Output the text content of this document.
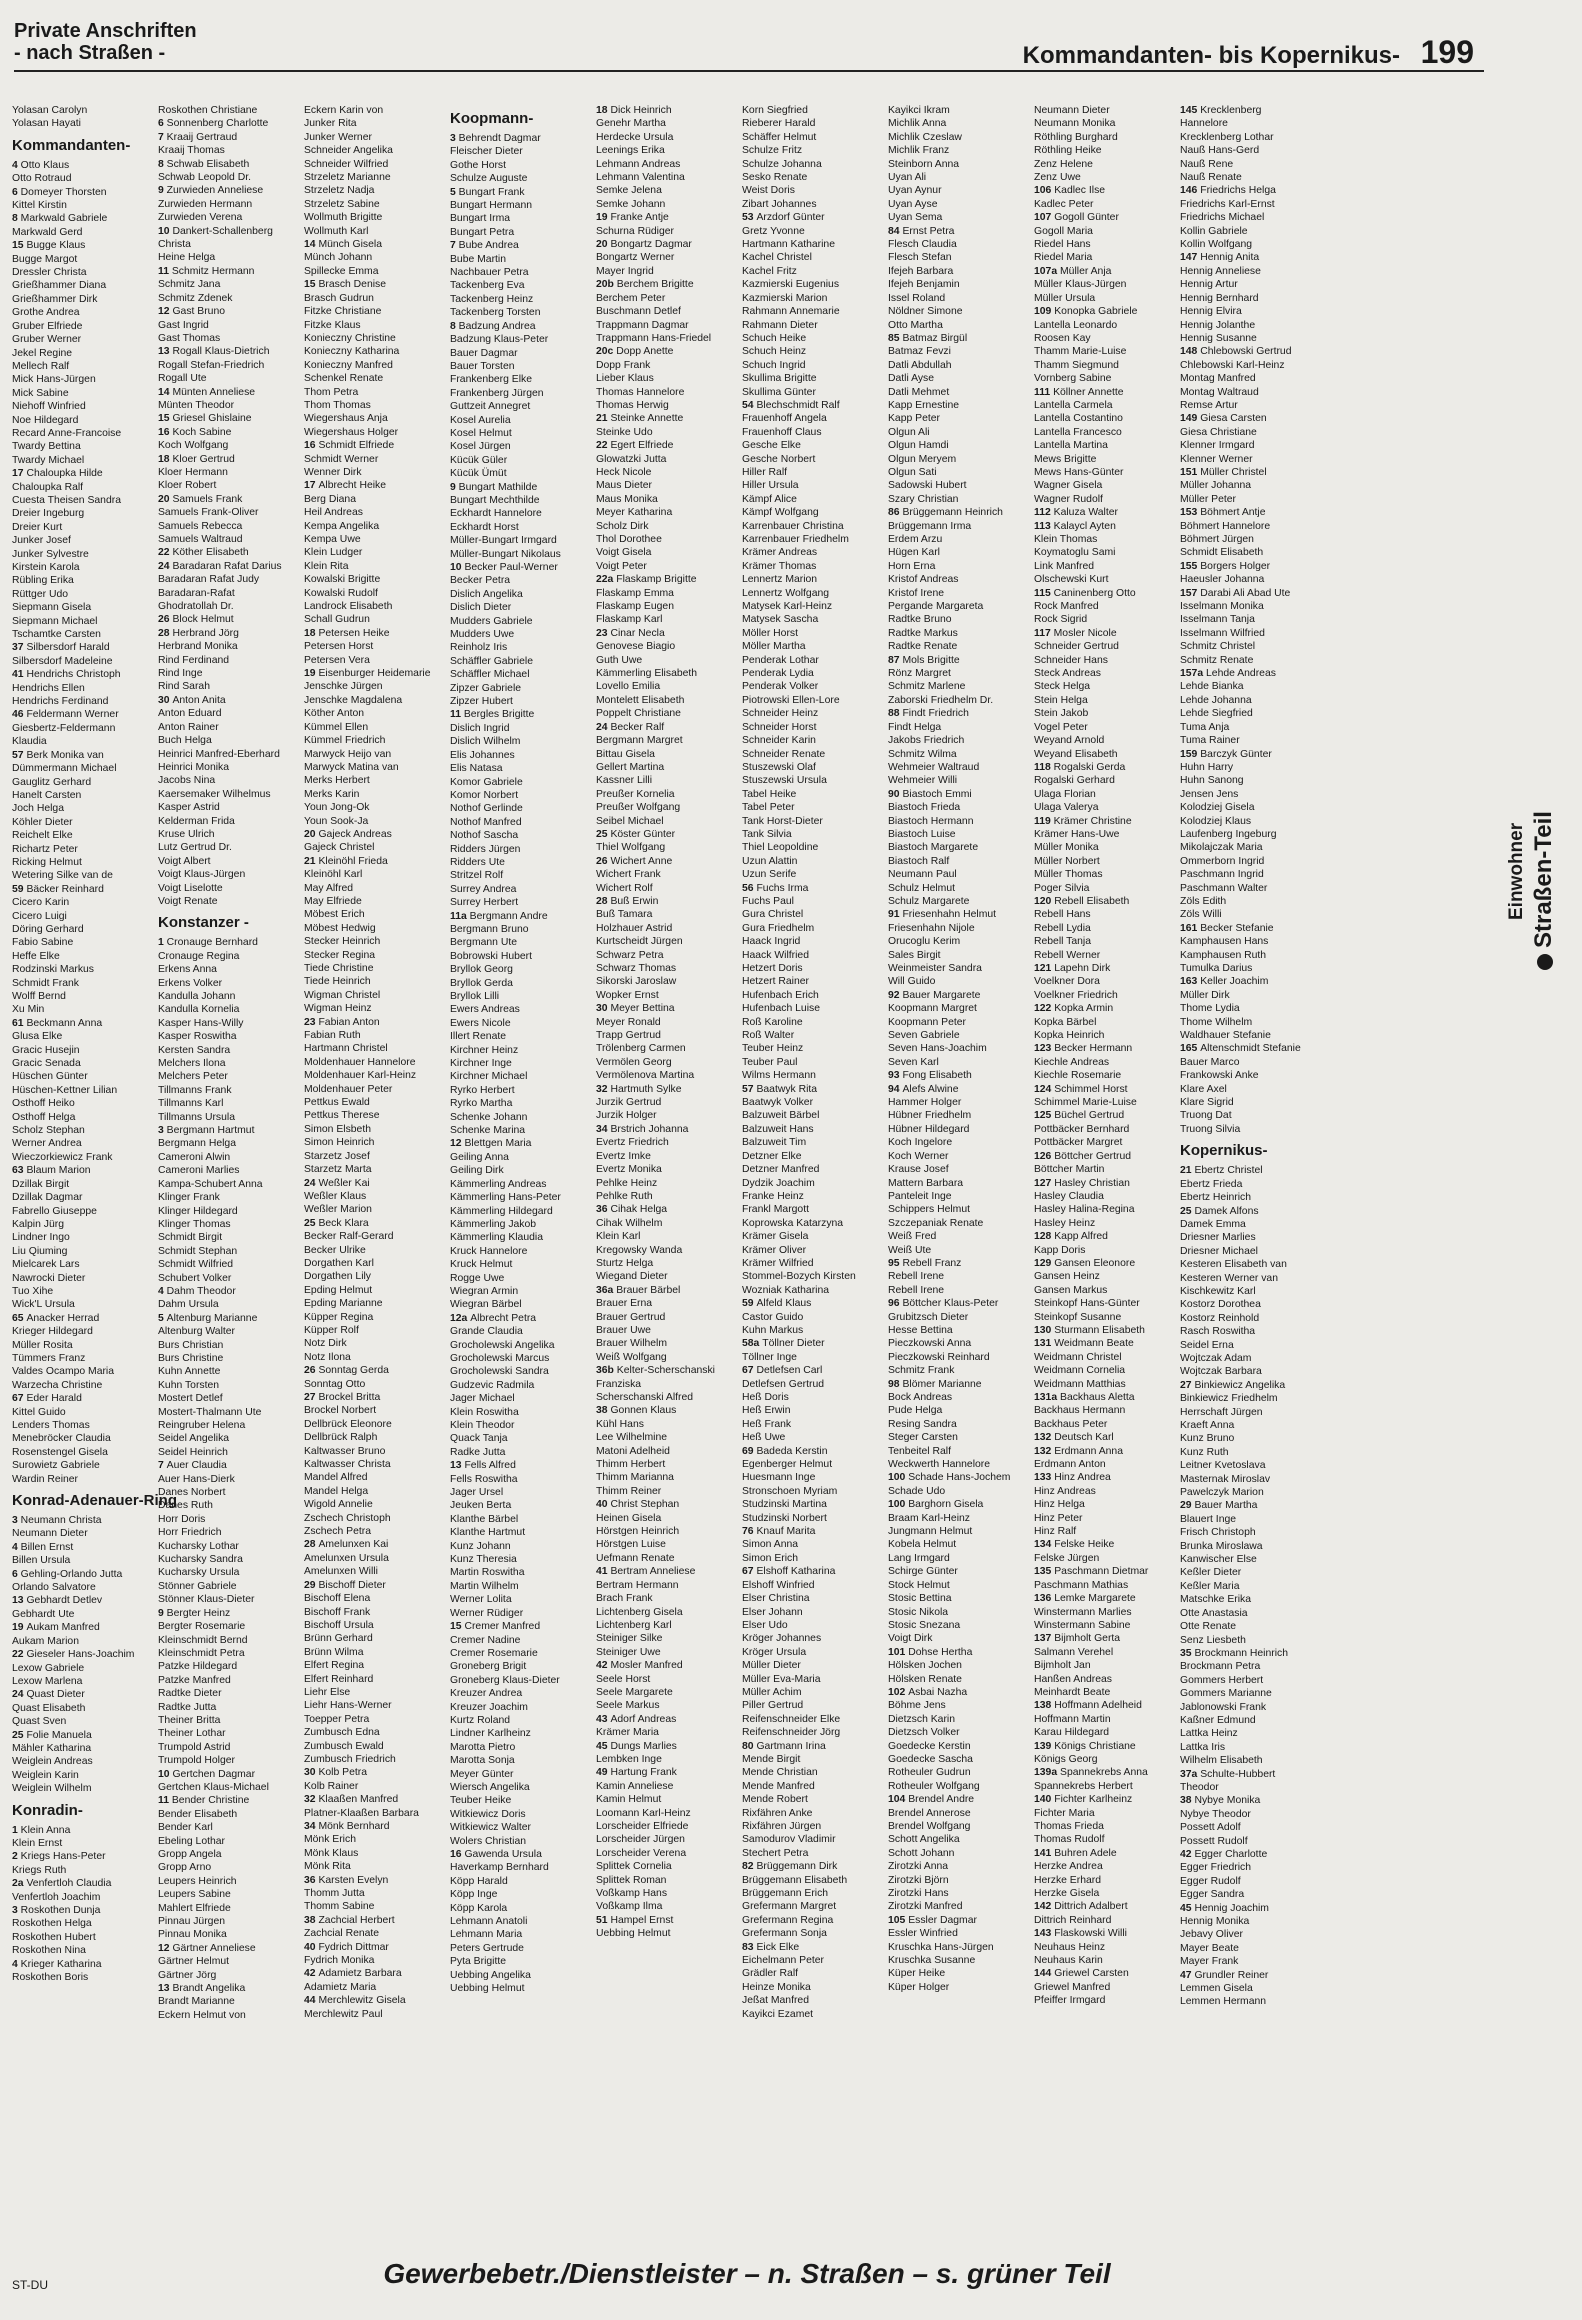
Private Anschriften
- nach Straßen -	Kommandanten- bis Kopernikus- 199
Yolasan Carolyn
Yolasan Hayati
Kommandanten-
4 Otto Klaus
Otto Rotraud
6 Domeyer Thorsten
Kittel Kirstin
8 Markwald Gabriele
Markwald Gerd
15 Bugge Klaus
Bugge Margot
Dressler Christa
Grießhammer Diana
Grießhammer Dirk
Grothe Andrea
Gruber Elfriede
Gruber Werner
Jekel Regine
Mellech Ralf
Mick Hans-Jürgen
Mick Sabine
Niehoff Winfried
Noe Hildegard
Recard Anne-Francoise
Twardy Bettina
Twardy Michael
17 Chaloupka Hilde
Chaloupka Ralf
Cuesta Theisen Sandra
Dreier Ingeburg
Dreier Kurt
Junker Josef
Junker Sylvestre
Kirstein Karola
Rübling Erika
Rüttger Udo
Siepmann Gisela
Siepmann Michael
Tschamtke Carsten
37 Silbersdorf Harald
Silbersdorf Madeleine
41 Hendrichs Christoph
Hendrichs Ellen
Hendrichs Ferdinand
46 Feldermann Werner
Giesbertz-Feldermann
Klaudia
57 Berk Monika van
Dümmermann Michael
Gauglitz Gerhard
Hanelt Carsten
Joch Helga
Köhler Dieter
Reichelt Elke
Richartz Peter
Ricking Helmut
Wetering Silke van de
59 Bäcker Reinhard
Cicero Karin
Cicero Luigi
Döring Gerhard
Fabio Sabine
Heffe Elke
Rodzinski Markus
Schmidt Frank
Wolff Bernd
Xu Min
61 Beckmann Anna
Glusa Elke
Gracic Husejin
Gracic Senada
Hüschen Günter
Hüschen-Kettner Lilian
Osthoff Heiko
Osthoff Helga
Scholz Stephan
Werner Andrea
Wieczorkiewicz Frank
63 Blaum Marion
Dzillak Birgit
Dzillak Dagmar
Fabrello Giuseppe
Kalpin Jürg
Lindner Ingo
Liu Qiuming
Mielcarek Lars
Nawrocki Dieter
Tuo Xihe
Wick'L Ursula
65 Anacker Herrad
Krieger Hildegard
Müller Rosita
Tümmers Franz
Valdes Ocampo Maria
Warzecha Christine
67 Eder Harald
Kittel Guido
Lenders Thomas
Menebröcker Claudia
Rosenstengel Gisela
Surowietz Gabriele
Wardin Reiner
Konrad-Adenauer-Ring
3 Neumann Christa
Neumann Dieter
4 Billen Ernst
Billen Ursula
6 Gehling-Orlando Jutta
Orlando Salvatore
13 Gebhardt Detlev
Gebhardt Ute
19 Aukam Manfred
Aukam Marion
22 Gieseler Hans-Joachim
Lexow Gabriele
Lexow Marlena
24 Quast Dieter
Quast Elisabeth
Quast Sven
25 Folie Manuela
Mähler Katharina
Weiglein Andreas
Weiglein Karin
Weiglein Wilhelm
Konradin-
1 Klein Anna
Klein Ernst
2 Kriegs Hans-Peter
Kriegs Ruth
2a Venfertloh Claudia
Venfertloh Joachim
3 Roskothen Dunja
Roskothen Helga
Roskothen Hubert
Roskothen Nina
4 Krieger Katharina
Roskothen Boris
Roskothen Christiane
6 Sonnenberg Charlotte
7 Kraaij Gertraud
Kraaij Thomas
8 Schwab Elisabeth
Schwab Leopold Dr.
9 Zurwieden Anneliese
Zurwieden Hermann
Zurwieden Verena
10 Dankert-Schallenberg
Christa
Heine Helga
11 Schmitz Hermann
Schmitz Jana
Schmitz Zdenek
12 Gast Bruno
Gast Ingrid
Gast Thomas
13 Rogall Klaus-Dietrich
Rogall Stefan-Friedrich
Rogall Ute
14 Münten Anneliese
Münten Theodor
15 Griesel Ghislaine
16 Koch Sabine
Koch Wolfgang
18 Kloer Gertrud
Kloer Hermann
Kloer Robert
20 Samuels Frank
Samuels Frank-Oliver
Samuels Rebecca
Samuels Waltraud
22 Köther Elisabeth
24 Baradaran Rafat Darius
Baradaran Rafat Judy
Baradaran-Rafat
Ghodratollah Dr.
26 Block Helmut
28 Herbrand Jörg
Herbrand Monika
Rind Ferdinand
Rind Inge
Rind Sarah
30 Anton Anita
Anton Eduard
Anton Rainer
Buch Helga
Heinrici Manfred-Eberhard
Heinrici Monika
Jacobs Nina
Kaersemaker Wilhelmus
Kasper Astrid
Kelderman Frida
Kruse Ulrich
Lutz Gertrud Dr.
Voigt Albert
Voigt Klaus-Jürgen
Voigt Liselotte
Voigt Renate
Konstanzer -
1 Cronauge Bernhard
Cronauge Regina
Erkens Anna
Erkens Volker
Kandulla Johann
Kandulla Kornelia
Kasper Hans-Willy
Kasper Roswitha
Kersten Sandra
Melchers Ilona
Melchers Peter
Tillmanns Frank
Tillmanns Karl
Tillmanns Ursula
3 Bergmann Hartmut
Bergmann Helga
Cameroni Alwin
Cameroni Marlies
Kampa-Schubert Anna
Klinger Frank
Klinger Hildegard
Klinger Thomas
Schmidt Birgit
Schmidt Stephan
Schmidt Wilfried
Schubert Volker
4 Dahm Theodor
Dahm Ursula
5 Altenburg Marianne
Altenburg Walter
Burs Christian
Burs Christine
Kuhn Annette
Kuhn Torsten
Mostert Detlef
Mostert-Thalmann Ute
Reingruber Helena
Seidel Angelika
Seidel Heinrich
7 Auer Claudia
Auer Hans-Dierk
Danes Norbert
Danes Ruth
Horr Doris
Horr Friedrich
Kucharsky Lothar
Kucharsky Sandra
Kucharsky Ursula
Stönner Gabriele
Stönner Klaus-Dieter
9 Bergter Heinz
Bergter Rosemarie
Kleinschmidt Bernd
Kleinschmidt Petra
Patzke Hildegard
Patzke Manfred
Radtke Dieter
Radtke Jutta
Theiner Britta
Theiner Lothar
Trumpold Astrid
Trumpold Holger
10 Gertchen Dagmar
Gertchen Klaus-Michael
11 Bender Christine
Bender Elisabeth
Bender Karl
Ebeling Lothar
Gropp Angela
Gropp Arno
Leupers Heinrich
Leupers Sabine
Mahlert Elfriede
Pinnau Jürgen
Pinnau Monika
12 Gärtner Anneliese
Gärtner Helmut
Gärtner Jörg
13 Brandt Angelika
Brandt Marianne
Eckern Helmut von
Eckern Karin von
Junker Rita
Junker Werner
Schneider Angelika
Schneider Wilfried
Strzeletz Marianne
Strzeletz Nadja
Strzeletz Sabine
Wollmuth Brigitte
Wollmuth Karl
14 Münch Gisela
Münch Johann
Spillecke Emma
15 Brasch Denise
Brasch Gudrun
Fitzke Christiane
Fitzke Klaus
Konieczny Christine
Konieczny Katharina
Konieczny Manfred
Schenkel Renate
Thom Petra
Thom Thomas
Wiegershaus Anja
Wiegershaus Holger
16 Schmidt Elfriede
Schmidt Werner
Wenner Dirk
17 Albrecht Heike
Berg Diana
Heil Andreas
Kempa Angelika
Kempa Uwe
Klein Ludger
Klein Rita
Kowalski Brigitte
Kowalski Rudolf
Landrock Elisabeth
Schall Gudrun
18 Petersen Heike
Petersen Horst
Petersen Vera
19 Eisenburger Heidemarie
Jenschke Jürgen
Jenschke Magdalena
Köther Anton
Kümmel Ellen
Kümmel Friedrich
Marwyck Heijo van
Marwyck Matina van
Merks Herbert
Merks Karin
Youn Jong-Ok
Youn Sook-Ja
20 Gajeck Andreas
Gajeck Christel
21 Kleinöhl Frieda
Kleinöhl Karl
May Alfred
May Elfriede
Möbest Erich
Möbest Hedwig
Stecker Heinrich
Stecker Regina
Tiede Christine
Tiede Heinrich
Wigman Christel
Wigman Heinz
23 Fabian Anton
Fabian Ruth
Hartmann Christel
Moldenhauer Hannelore
Moldenhauer Karl-Heinz
Moldenhauer Peter
Pettkus Ewald
Pettkus Therese
Simon Elsbeth
Simon Heinrich
Starzetz Josef
Starzetz Marta
24 Weßler Kai
Weßler Klaus
Weßler Marion
25 Beck Klara
Becker Ralf-Gerard
Becker Ulrike
Dorgathen Karl
Dorgathen Lily
Epding Helmut
Epding Marianne
Küpper Regina
Küpper Rolf
Notz Dirk
Notz Ilona
26 Sonntag Gerda
Sonntag Otto
27 Brockel Britta
Brockel Norbert
Dellbrück Eleonore
Dellbrück Ralph
Kaltwasser Bruno
Kaltwasser Christa
Mandel Alfred
Mandel Helga
Wigold Annelie
Zschech Christoph
Zschech Petra
28 Amelunxen Kai
Amelunxen Ursula
Amelunxen Willi
29 Bischoff Dieter
Bischoff Elena
Bischoff Frank
Bischoff Ursula
Brünn Gerhard
Brünn Wilma
Elfert Regina
Elfert Reinhard
Liehr Else
Liehr Hans-Werner
Toepper Petra
Zumbusch Edna
Zumbusch Ewald
Zumbusch Friedrich
30 Kolb Petra
Kolb Rainer
32 Klaaßen Manfred
Platner-Klaaßen Barbara
34 Mönk Bernhard
Mönk Erich
Mönk Klaus
Mönk Rita
36 Karsten Evelyn
Thomm Jutta
Thomm Sabine
38 Zachcial Herbert
Zachcial Renate
40 Fydrich Dittmar
Fydrich Monika
42 Adamietz Barbara
Adamietz Maria
44 Merchlewitz Gisela
Merchlewitz Paul
Koopmann-
3 Behrendt Dagmar
Fleischer Dieter
Gothe Horst
Schulze Auguste
5 Bungart Frank
Bungart Hermann
Bungart Irma
Bungart Petra
7 Bube Andrea
Bube Martin
Nachbauer Petra
Tackenberg Eva
Tackenberg Heinz
Tackenberg Torsten
8 Badzung Andrea
Badzung Klaus-Peter
Bauer Dagmar
Bauer Torsten
Frankenberg Elke
Frankenberg Jürgen
Guttzeit Annegret
Kosel Aurelia
Kosel Helmut
Kosel Jürgen
Kücük Güler
Kücük Ümüt
9 Bungart Mathilde
Bungart Mechthilde
Eckhardt Hannelore
Eckhardt Horst
Müller-Bungart Irmgard
Müller-Bungart Nikolaus
10 Becker Paul-Werner
Becker Petra
Dislich Angelika
Dislich Dieter
Mudders Gabriele
Mudders Uwe
Reinholz Iris
Schäffler Gabriele
Schäffler Michael
Zipzer Gabriele
Zipzer Hubert
11 Bergles Brigitte
Dislich Ingrid
Dislich Wilhelm
Elis Johannes
Elis Natasa
Komor Gabriele
Komor Norbert
Nothof Gerlinde
Nothof Manfred
Nothof Sascha
Ridders Jürgen
Ridders Ute
Stritzel Rolf
Surrey Andrea
Surrey Herbert
11a Bergmann Andre
Bergmann Bruno
Bergmann Ute
Bobrowski Hubert
Bryllok Georg
Bryllok Gerda
Bryllok Lilli
Ewers Andreas
Ewers Nicole
Illert Renate
Kirchner Heinz
Kirchner Inge
Kirchner Michael
Ryrko Herbert
Ryrko Martha
Schenke Johann
Schenke Marina
12 Blettgen Maria
Geiling Anna
Geiling Dirk
Kämmerling Andreas
Kämmerling Hans-Peter
Kämmerling Hildegard
Kämmerling Jakob
Kämmerling Klaudia
Kruck Hannelore
Kruck Helmut
Rogge Uwe
Wiegran Armin
Wiegran Bärbel
12a Albrecht Petra
Grande Claudia
Grocholewski Angelika
Grocholewski Marcus
Grocholewski Sandra
Gudzevic Radmila
Jager Michael
Klein Roswitha
Klein Theodor
Quack Tanja
Radke Jutta
13 Fells Alfred
Fells Roswitha
Jager Ursel
Jeuken Berta
Klanthe Bärbel
Klanthe Hartmut
Kunz Johann
Kunz Theresia
Martin Roswitha
Martin Wilhelm
Werner Lolita
Werner Rüdiger
15 Cremer Manfred
Cremer Nadine
Cremer Rosemarie
Groneberg Brigit
Groneberg Klaus-Dieter
Kreuzer Andrea
Kreuzer Joachim
Kurtz Roland
Lindner Karlheinz
Marotta Pietro
Marotta Sonja
Meyer Günter
Wiersch Angelika
Teuber Heike
Witkiewicz Doris
Witkiewicz Walter
Wolers Christian
16 Gawenda Ursula
Haverkamp Bernhard
Köpp Harald
Köpp Inge
Köpp Karola
Lehmann Anatoli
Lehmann Maria
Peters Gertrude
Pyta Brigitte
Uebbing Angelika
Uebbing Helmut
18 Dick Heinrich
Genehr Martha
Herdecke Ursula
Leenings Erika
Lehmann Andreas
Lehmann Valentina
Semke Jelena
Semke Johann
19 Franke Antje
Schurna Rüdiger
20 Bongartz Dagmar
Bongartz Werner
Mayer Ingrid
20b Berchem Brigitte
Berchem Peter
Buschmann Detlef
Trappmann Dagmar
Trappmann Hans-Friedel
20c Dopp Anette
Dopp Frank
Lieber Klaus
Thomas Hannelore
Thomas Herwig
21 Steinke Annette
Steinke Udo
22 Egert Elfriede
Glowatzki Jutta
Heck Nicole
Maus Dieter
Maus Monika
Meyer Katharina
Scholz Dirk
Thol Dorothee
Voigt Gisela
Voigt Peter
22a Flaskamp Brigitte
Flaskamp Emma
Flaskamp Eugen
Flaskamp Karl
23 Cinar Necla
Genovese Biagio
Guth Uwe
Kämmerling Elisabeth
Lovello Emilia
Montelett Elisabeth
Poppelt Christiane
24 Becker Ralf
Bergmann Margret
Bittau Gisela
Gellert Martina
Kassner Lilli
Preußer Kornelia
Preußer Wolfgang
Seibel Michael
25 Köster Günter
Thiel Wolfgang
26 Wichert Anne
Wichert Frank
Wichert Rolf
28 Buß Erwin
Buß Tamara
Holzhauer Astrid
Kurtscheidt Jürgen
Schwarz Petra
Schwarz Thomas
Sikorski Jaroslaw
Wopker Ernst
30 Meyer Bettina
Meyer Ronald
Trapp Gertrud
Trölenberg Carmen
Vermölen Georg
Vermölenova Martina
32 Hartmuth Sylke
Jurzik Gertrud
Jurzik Holger
34 Brstrich Johanna
Evertz Friedrich
Evertz Imke
Evertz Monika
Pehlke Heinz
Pehlke Ruth
36 Cihak Helga
Cihak Wilhelm
Klein Karl
Kregowsky Wanda
Sturtz Helga
Wiegand Dieter
36a Brauer Bärbel
Brauer Erna
Brauer Gertrud
Brauer Uwe
Brauer Wilhelm
Weiß Wolfgang
36b Kelter-Scherschanski
Franziska
Scherschanski Alfred
38 Gonnen Klaus
Kühl Hans
Lee Wilhelmine
Matoni Adelheid
Thimm Herbert
Thimm Marianna
Thimm Reiner
40 Christ Stephan
Heinen Gisela
Hörstgen Heinrich
Hörstgen Luise
Uefmann Renate
41 Bertram Anneliese
Bertram Hermann
Brach Frank
Lichtenberg Gisela
Lichtenberg Karl
Steiniger Silke
Steiniger Uwe
42 Mosler Manfred
Seele Horst
Seele Margarete
Seele Markus
43 Adorf Andreas
Krämer Maria
45 Dungs Marlies
Lembken Inge
49 Hartung Frank
Kamin Anneliese
Kamin Helmut
Loomann Karl-Heinz
Lorscheider Elfriede
Lorscheider Jürgen
Lorscheider Verena
Splittek Cornelia
Splittek Roman
Voßkamp Hans
Voßkamp Ilma
51 Hampel Ernst
Uebbing Helmut
Korn Siegfried
Rieberer Harald
Schäffer Helmut
Schulze Fritz
Schulze Johanna
Sesko Renate
Weist Doris
Zibart Johannes
53 Arzdorf Günter
Gretz Yvonne
Hartmann Katharine
Kachel Christel
Kachel Fritz
Kazmierski Eugenius
Kazmierski Marion
Rahmann Annemarie
Rahmann Dieter
Schuch Heike
Schuch Heinz
Schuch Ingrid
Skullima Brigitte
Skullima Günter
54 Blechschmidt Ralf
Frauenhoff Angela
Frauenhoff Claus
Gesche Elke
Gesche Norbert
Hiller Ralf
Hiller Ursula
Kämpf Alice
Kämpf Wolfgang
Karrenbauer Christina
Karrenbauer Friedhelm
Krämer Andreas
Krämer Thomas
Lennertz Marion
Lennertz Wolfgang
Matysek Karl-Heinz
Matysek Sascha
Möller Horst
Möller Martha
Penderak Lothar
Penderak Lydia
Penderak Volker
Piotrowski Ellen-Lore
Schneider Heinz
Schneider Horst
Schneider Karin
Schneider Renate
Stuszewski Olaf
Stuszewski Ursula
Tabel Heike
Tabel Peter
Tank Horst-Dieter
Tank Silvia
Thiel Leopoldine
Uzun Alattin
Uzun Serife
56 Fuchs Irma
Fuchs Paul
Gura Christel
Gura Friedhelm
Haack Ingrid
Haack Wilfried
Hetzert Doris
Hetzert Rainer
Hufenbach Erich
Hufenbach Luise
Roß Karoline
Roß Walter
Teuber Heinz
Teuber Paul
Wilms Hermann
57 Baatwyk Rita
Baatwyk Volker
Balzuweit Bärbel
Balzuweit Hans
Balzuweit Tim
Detzner Elke
Detzner Manfred
Dydzik Joachim
Franke Heinz
Frankl Margott
Koprowska Katarzyna
Krämer Gisela
Krämer Oliver
Krämer Wilfried
Stommel-Bozych Kirsten
Wozniak Katharina
59 Alfeld Klaus
Castor Guido
Kuhn Markus
58a Töllner Dieter
Töllner Inge
67 Detlefsen Carl
Detlefsen Gertrud
Heß Doris
Heß Erwin
Heß Frank
Heß Uwe
69 Badeda Kerstin
Egenberger Helmut
Huesmann Inge
Stronschoen Myriam
Studzinski Martina
Studzinski Norbert
76 Knauf Marita
Simon Anna
Simon Erich
67 Elshoff Katharina
Elshoff Winfried
Elser Christina
Elser Johann
Elser Udo
Kröger Johannes
Kröger Ursula
Müller Dieter
Müller Eva-Maria
Müller Achim
Piller Gertrud
Reifenschneider Elke
Reifenschneider Jörg
80 Gartmann Irina
Mende Birgit
Mende Christian
Mende Manfred
Mende Robert
Rixfähren Anke
Rixfähren Jürgen
Samodurov Vladimir
Stechert Petra
82 Brüggemann Dirk
Brüggemann Elisabeth
Brüggemann Erich
Grefermann Margret
Grefermann Regina
Grefermann Sonja
83 Eick Elke
Eichelmann Peter
Grädler Ralf
Heinze Monika
Jeßat Manfred
Kayikci Ezamet
Kayikci Ikram
Michlik Anna
Michlik Czeslaw
Michlik Franz
Steinborn Anna
Uyan Ali
Uyan Aynur
Uyan Ayse
Uyan Sema
84 Ernst Petra
Flesch Claudia
Flesch Stefan
Ifejeh Barbara
Ifejeh Benjamin
Issel Roland
Nöldner Simone
Otto Martha
85 Batmaz Birgül
Batmaz Fevzi
Datli Abdullah
Datli Ayse
Datli Mehmet
Kapp Ernestine
Kapp Peter
Olgun Ali
Olgun Hamdi
Olgun Meryem
Olgun Sati
Sadowski Hubert
Szary Christian
86 Brüggemann Heinrich
Brüggemann Irma
Erdem Arzu
Hügen Karl
Horn Erna
Kristof Andreas
Kristof Irene
Pergande Margareta
Radtke Bruno
Radtke Markus
Radtke Renate
87 Mols Brigitte
Rönz Margret
Schmitz Marlene
Zaborski Friedhelm Dr.
88 Findt Friedrich
Findt Helga
Jakobs Friedrich
Schmitz Wilma
Wehmeier Waltraud
Wehmeier Willi
90 Biastoch Emmi
Biastoch Frieda
Biastoch Hermann
Biastoch Luise
Biastoch Margarete
Biastoch Ralf
Neumann Paul
Schulz Helmut
Schulz Margarete
91 Friesenhahn Helmut
Friesenhahn Nijole
Orucoglu Kerim
Sales Birgit
Weinmeister Sandra
Will Guido
92 Bauer Margarete
Koopmann Margret
Koopmann Peter
Seven Gabriele
Seven Hans-Joachim
Seven Karl
93 Fong Elisabeth
94 Alefs Alwine
Hammer Holger
Hübner Friedhelm
Hübner Hildegard
Koch Ingelore
Koch Werner
Krause Josef
Mattern Barbara
Panteleit Inge
Schippers Helmut
Szczepaniak Renate
Weiß Fred
Weiß Ute
95 Rebell Franz
Rebell Irene
Rebell Irene
96 Böttcher Klaus-Peter
Grubitzsch Dieter
Hesse Bettina
Pieczkowski Anna
Pieczkowski Reinhard
Schmitz Frank
98 Blömer Marianne
Bock Andreas
Pude Helga
Resing Sandra
Steger Carsten
Tenbeitel Ralf
Weckwerth Hannelore
100 Schade Hans-Jochem
Schade Udo
100 Barghorn Gisela
Braam Karl-Heinz
Jungmann Helmut
Kobela Helmut
Lang Irmgard
Schirge Günter
Stock Helmut
Stosic Bettina
Stosic Nikola
Stosic Snezana
Voigt Dirk
101 Dohse Hertha
Hölsken Jochen
Hölsken Renate
102 Asbai Nazha
Böhme Jens
Dietzsch Karin
Dietzsch Volker
Goedecke Kerstin
Goedecke Sascha
Rotheuler Gudrun
Rotheuler Wolfgang
104 Brendel Andre
Brendel Annerose
Brendel Wolfgang
Schott Angelika
Schott Johann
Zirotzki Anna
Zirotzki Björn
Zirotzki Hans
Zirotzki Manfred
105 Essler Dagmar
Essler Winfried
Kruschka Hans-Jürgen
Kruschka Susanne
Küper Heike
Küper Holger
Neumann Dieter
Neumann Monika
Röthling Burghard
Röthling Heike
Zenz Helene
Zenz Uwe
106 Kadlec Ilse
Kadlec Peter
107 Gogoll Günter
Gogoll Maria
Riedel Hans
Riedel Maria
107a Müller Anja
Müller Klaus-Jürgen
Müller Ursula
109 Konopka Gabriele
Lantella Leonardo
Roosen Kay
Thamm Marie-Luise
Thamm Siegmund
Vornberg Sabine
111 Köllner Annette
Lantella Carmela
Lantella Costantino
Lantella Francesco
Lantella Martina
Mews Brigitte
Mews Hans-Günter
Wagner Gisela
Wagner Rudolf
112 Kaluza Walter
113 Kalaycl Ayten
Klein Thomas
Koymatoglu Sami
Link Manfred
Olschewski Kurt
115 Caninenberg Otto
Rock Manfred
Rock Sigrid
117 Mosler Nicole
Schneider Gertrud
Schneider Hans
Steck Andreas
Steck Helga
Stein Helga
Stein Jakob
Vogel Peter
Weyand Arnold
Weyand Elisabeth
118 Rogalski Gerda
Rogalski Gerhard
Ulaga Florian
Ulaga Valerya
119 Krämer Christine
Krämer Hans-Uwe
Müller Monika
Müller Norbert
Müller Thomas
Poger Silvia
120 Rebell Elisabeth
Rebell Hans
Rebell Lydia
Rebell Tanja
Rebell Werner
121 Lapehn Dirk
Voelkner Dora
Voelkner Friedrich
122 Kopka Armin
Kopka Bärbel
Kopka Heinrich
123 Becker Hermann
Kiechle Andreas
Kiechle Rosemarie
124 Schimmel Horst
Schimmel Marie-Luise
125 Büchel Gertrud
Pottbäcker Bernhard
Pottbäcker Margret
126 Böttcher Gertrud
Böttcher Martin
127 Hasley Christian
Hasley Claudia
Hasley Halina-Regina
Hasley Heinz
128 Kapp Alfred
Kapp Doris
129 Gansen Eleonore
Gansen Heinz
Gansen Markus
Steinkopf Hans-Günter
Steinkopf Susanne
130 Sturmann Elisabeth
131 Weidmann Beate
Weidmann Christel
Weidmann Cornelia
Weidmann Matthias
131a Backhaus Aletta
Backhaus Hermann
Backhaus Peter
132 Deutsch Karl
132 Erdmann Anna
Erdmann Anton
133 Hinz Andrea
Hinz Andreas
Hinz Helga
Hinz Peter
Hinz Ralf
134 Felske Heike
Felske Jürgen
135 Paschmann Dietmar
Paschmann Mathias
136 Lemke Margarete
Winstermann Marlies
Winstermann Sabine
137 Bijmholt Gerta
Salmann Verehel
Bijmholt Jan
Hanßen Andreas
Meinhardt Beate
138 Hoffmann Adelheid
Hoffmann Martin
Karau Hildegard
139 Königs Christiane
Königs Georg
139a Spannekrebs Anna
Spannekrebs Herbert
140 Fichter Karlheinz
Fichter Maria
Thomas Frieda
Thomas Rudolf
141 Buhren Adele
Herzke Andrea
Herzke Erhard
Herzke Gisela
142 Dittrich Adalbert
Dittrich Reinhard
143 Flaskowski Willi
Neuhaus Heinz
Neuhaus Karin
144 Griewel Carsten
Griewel Manfred
Pfeiffer Irmgard
145 Krecklenberg
Hannelore
Krecklenberg Lothar
Nauß Hans-Gerd
Nauß Rene
Nauß Renate
146 Friedrichs Helga
Friedrichs Karl-Ernst
Friedrichs Michael
Kollin Gabriele
Kollin Wolfgang
147 Hennig Anita
Hennig Anneliese
Hennig Artur
Hennig Bernhard
Hennig Elvira
Hennig Jolanthe
Hennig Susanne
148 Chlebowski Gertrud
Chlebowski Karl-Heinz
Montag Manfred
Montag Waltraud
Remse Artur
149 Giesa Carsten
Giesa Christiane
Klenner Irmgard
Klenner Werner
151 Müller Christel
Müller Johanna
Müller Peter
153 Böhmert Antje
Böhmert Hannelore
Böhmert Jürgen
Schmidt Elisabeth
155 Borgers Holger
Haeusler Johanna
157 Darabi Ali Abad Ute
Isselmann Monika
Isselmann Tanja
Isselmann Wilfried
Schmitz Christel
Schmitz Renate
157a Lehde Andreas
Lehde Bianka
Lehde Johanna
Lehde Siegfried
Tuma Anja
Tuma Rainer
159 Barczyk Günter
Huhn Harry
Huhn Sanong
Jensen Jens
Kolodziej Gisela
Kolodziej Klaus
Laufenberg Ingeburg
Mikolajczak Maria
Ommerborn Ingrid
Paschmann Ingrid
Paschmann Walter
Zöls Edith
Zöls Willi
161 Becker Stefanie
Kamphausen Hans
Kamphausen Ruth
Tumulka Darius
163 Keller Joachim
Müller Dirk
Thome Lydia
Thome Wilhelm
Waldhauer Stefanie
165 Altenschmidt Stefanie
Bauer Marco
Frankowski Anke
Klare Axel
Klare Sigrid
Truong Dat
Truong Silvia
Kopernikus-
21 Ebertz Christel
Ebertz Frieda
Ebertz Heinrich
25 Damek Alfons
Damek Emma
Driesner Marlies
Driesner Michael
Kesteren Elisabeth van
Kesteren Werner van
Kischkewitz Karl
Kostorz Dorothea
Kostorz Reinhold
Rasch Roswitha
Seidel Erna
Wojtczak Adam
Wojtczak Barbara
27 Binkiewicz Angelika
Binkiewicz Friedhelm
Herrschaft Jürgen
Kraeft Anna
Kunz Bruno
Kunz Ruth
Leitner Kvetoslava
Masternak Miroslav
Pawelczyk Marion
29 Bauer Martha
Blauert Inge
Frisch Christoph
Brunka Miroslawa
Kanwischer Else
Keßler Dieter
Keßler Maria
Matschke Erika
Otte Anastasia
Otte Renate
Senz Liesbeth
35 Brockmann Heinrich
Brockmann Petra
Gommers Herbert
Gommers Marianne
Jablonowski Frank
Kaßner Edmund
Lattka Heinz
Lattka Iris
Wilhelm Elisabeth
37a Schulte-Hubbert
Theodor
38 Nybye Monika
Nybye Theodor
Possett Adolf
Possett Rudolf
42 Egger Charlotte
Egger Friedrich
Egger Rudolf
Egger Sandra
45 Hennig Joachim
Hennig Monika
Jebavy Oliver
Mayer Beate
Mayer Frank
47 Grundler Reiner
Lemmen Gisela
Lemmen Hermann
Einwohner Straßen-Teil
ST-DU	Gewerbebetr./Dienstleister – n. Straßen – s. grüner Teil
